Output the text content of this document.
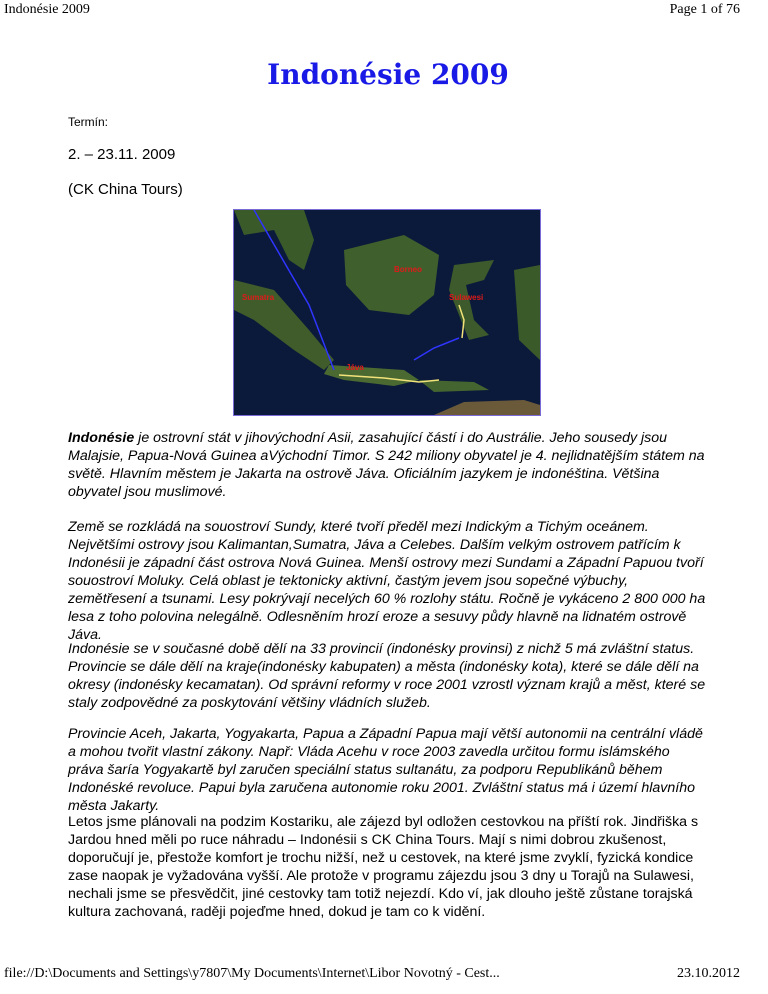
Indonésie 2009	Page 1 of 76
Indonésie 2009
Termín:
2. – 23.11. 2009
(CK China Tours)
Borneo
Sumatra	Sulawesi
Jáva

Indonésie je ostrovní stát v jihovýchodní Asii, zasahující částí i do Austrálie. Jeho sousedy jsou Malajsie, Papua-Nová Guinea aVýchodní Timor. S 242 miliony obyvatel je 4. nejlidnatějším státem na světě. Hlavním městem je Jakarta na ostrově Jáva. Oficiálním jazykem je indonéština. Většina obyvatel jsou muslimové.

Země se rozkládá na souostroví Sundy, které tvoří předěl mezi Indickým a Tichým oceánem. Největšími ostrovy jsou Kalimantan,Sumatra, Jáva a Celebes. Dalším velkým ostrovem patřícím k Indonésii je západní část ostrova Nová Guinea. Menší ostrovy mezi Sundami a Západní Papuou tvoří souostroví Moluky. Celá oblast je tektonicky aktivní, častým jevem jsou sopečné výbuchy, zemětřesení a tsunami. Lesy pokrývají necelých 60 % rozlohy státu. Ročně je vykáceno 2 800 000 ha lesa z toho polovina nelegálně. Odlesněním hrozí eroze a sesuvy půdy hlavně na lidnatém ostrově Jáva.

Indonésie se v současné době dělí na 33 provincií (indonésky provinsi) z nichž 5 má zvláštní status. Provincie se dále dělí na kraje(indonésky kabupaten) a města (indonésky kota), které se dále dělí na okresy (indonésky kecamatan). Od správní reformy v roce 2001 vzrostl význam krajů a měst, které se staly zodpovědné za poskytování většiny vládních služeb.

Provincie Aceh, Jakarta, Yogyakarta, Papua a Západní Papua mají větší autonomii na centrální vládě a mohou tvořit vlastní zákony. Např: Vláda Acehu v roce 2003 zavedla určitou formu islámského práva šaría Yogyakartě byl zaručen speciální status sultanátu, za podporu Republikánů během Indonéské revoluce. Papui byla zaručena autonomie roku 2001. Zvláštní status má i území hlavního města Jakarty.

Letos jsme plánovali na podzim Kostariku, ale zájezd byl odložen cestovkou na příští rok. Jindřiška s Jardou hned měli po ruce náhradu – Indonésii s CK China Tours. Mají s nimi dobrou zkušenost, doporučují je, přestože komfort je trochu nižší, než u cestovek, na které jsme zvyklí, fyzická kondice zase naopak je vyžadována vyšší. Ale protože v programu zájezdu jsou 3 dny u Torajů na Sulawesi, nechali jsme se přesvědčit, jiné cestovky tam totiž nejezdí. Kdo ví, jak dlouho ještě zůstane torajská kultura zachovaná, raději pojeďme hned, dokud je tam co k vidění.

file://D:\Documents and Settings\y7807\My Documents\Internet\Libor Novotný - Cest...	23.10.2012
